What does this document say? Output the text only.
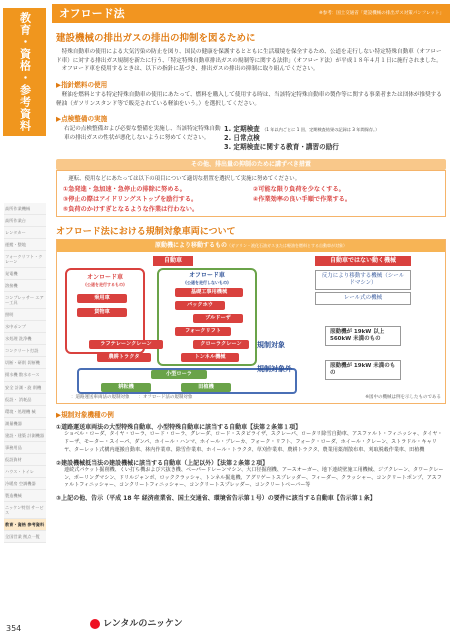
教育・資格・参考資料
高所作業機械
高所作業台
レンタカー
運搬・整地
フォークリフト・クレーン
発電機
溶接機
コンプレッサー エアー工具
照明
水中ポンプ
水処理 洗浄機
コンクリート打設
切断・研削 切断機
揚水機 散水ホース
安全 計測・旋 削機
仮設・ 消耗品
環境・処理機 械
測量機器
建設・建築 計測機器
事務用品
仮設資材
ハウス・トイレ
冷暖房 空調機器
製造機械
ニッケン特別 サービス
教育・資格 参考資料
全国営業 拠点一覧
354
オフロード法	※参考：国土交通省「建設機械の排出ガス対策パンフレット」
建設機械の排出ガスの排出の抑制を図るために

　特殊自動車の使用による大気汚染の防止を図り、国民の健康を保護するとともに生活環境を保全するため、公道を走行しない特定特殊自動車（オフロード車）に対する排出ガス規制を新たに行う、「特定特殊自動車排出ガスの規制等に関する法律」（オフロード法）が平成１８年４月１日に施行されました。

　オフロード車を使用するときは、以下の指針に基づき、排出ガスの排出の抑制に取り組んでください。

▶指針燃料の使用

　軽油を燃料とする特定特殊自動車の使用にあたって、燃料を購入して使用する時は、当該特定特殊自動車の製作等に関する事業者または団体が推奨する軽油（ガソリンスタンド等で販売されている軽油をいう。）を選択してください。

▶点検整備の実施
右記の点検整備および必要な整備を実施し、当該特定特殊自動車の排出ガスの性状が悪化しないように努めてください。
1. 定期検査 （1 年以内ごとに 1 回、定期検査結果の記録は 3 年間保存。）
2. 日常点検
3. 定期検査に関する教育・講習の励行
その他、排出量の抑制のために講ずべき措置
　運転、使用などにあたっては以下の項目について適切な措置を選択して実施に努めてください。
①急発進・急加速・急停止の排除に努める。	②可能な限り負荷を少なくする。
③停止の際はアイドリングストップを励行する。	④作業効率の良い手順で作業する。
⑤負荷のかけすぎとなるような作業は行わない。
オフロード法における規制対象車両について
原動機により移動するもの（ガソリン・液化石油ガスまたは軽油を燃料とする自動車が対象）
自動車	自動車ではない動く機械
オンロード車
(公道を走行するもの)
乗用車
貨物車
オフロード車
(公道を走行しないもの)
基礎工事用機械
バックホウ
ブルドーザ
フォークリフト
クローラクレーン
トンネル機械
ラフテレーンクレーン
農耕トラクタ
小型ローラ
耕耘機	田植機
反力により移動する機械（シールドマシン）
レール式の機械
規制対象
規制対象外
原動機が 19kW 以上 560kW 未満のもの
原動機が 19kW 未満のもの
：道路運送車両法の規制対象　　：オフロード法の規制対象	※図中の機械は例を示したものである
▶規制対象機種の例
①道路運送車両法の大型特殊自動車、小型特殊自動車に該当する自動車【法第２条第１項】

ショベル・ローダ、タイヤ・ローラ、ロード・ローラ、グレーダ、ロード・スタビライザ、スクレーパ、ロータリ除雪自動車、アスファルト・フィニッシャ、タイヤ・ドーザ、モーター・スイーパ、ダンパ、ホイール・ハンマ、ホイール・ブレーカ、フォーク・リフト、フォーク・ローダ、ホイール・クレーン、ストラドル・キャリヤ、ターレット式構内運搬自動車、林内作業車、除雪作業車、ホイール・トラクタ、草刈作業車、農耕トラクタ、農業用薬剤散布車、刈取脱穀作業車、田植機

②建設機械抵当法の建設機械に該当する自動車（上記以外）【法第２条第２項】

連続式バケット掘削機、くい打ち機および穴抜き機、ペーパードレーンマシン、大口径掘削機、アースオーガー、地下連続壁施工用機械、ジブクレーン、タワークレーン、ボーリングマシン、ドリルジャンボ、ロッククラッシャ、トンネル掘進機、アグリゲートスプレッダー、フィーダー、クラッシャー、コンクリートポンプ、アスファルトフィニッシャー、コンクリートフィニッシャー、コンクリートスプレッダー、コンクリートペーバー等

③上記の他、告示（平成 18 年 経済産業省、国土交通省、環境省告示第１号）の要件に該当する自動車【告示第１条】
レンタルのニッケン
